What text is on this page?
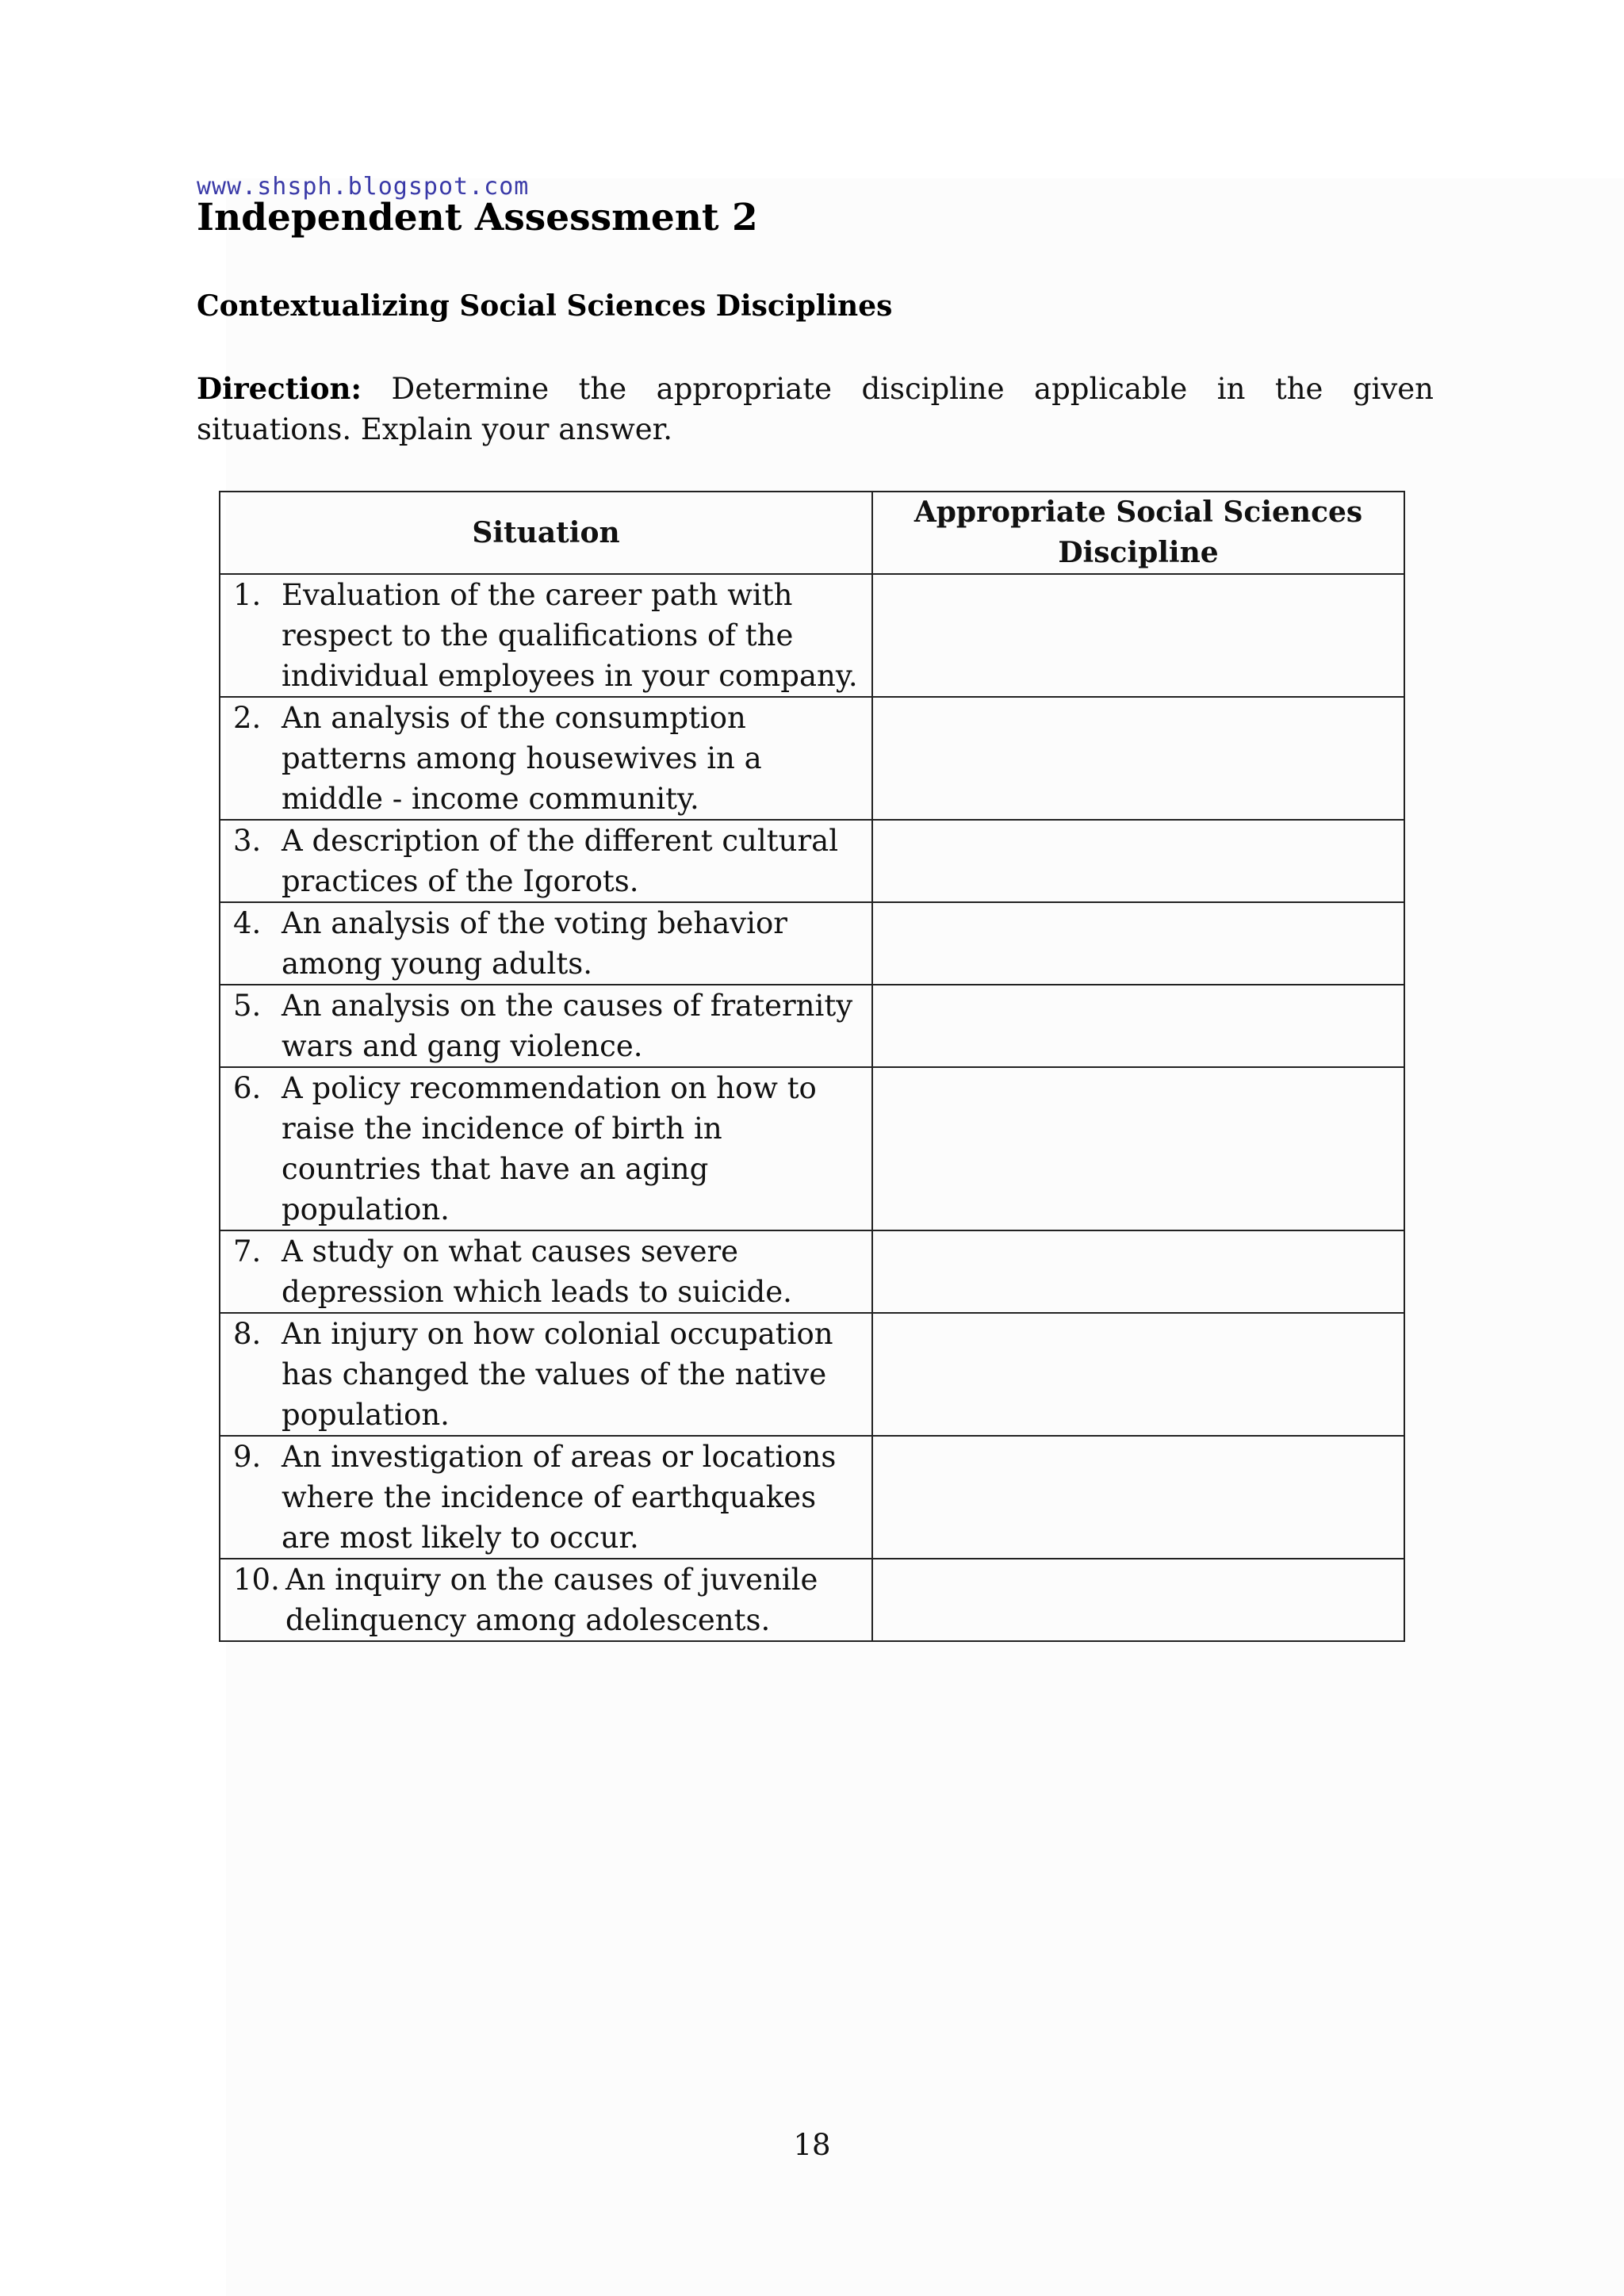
www.shsph.blogspot.com
Independent Assessment 2
Contextualizing Social Sciences Disciplines
Direction: Determine the appropriate discipline applicable in the given situations. Explain your answer.
Situation	Appropriate Social Sciences Discipline

1. Evaluation of the career path with respect to the qualifications of the individual employees in your company.	

2. An analysis of the consumption patterns among housewives in a middle - income community.	

3. A description of the different cultural practices of the Igorots.	

4. An analysis of the voting behavior among young adults.	

5. An analysis on the causes of fraternity wars and gang violence.	

6. A policy recommendation on how to raise the incidence of birth in countries that have an aging population.	

7. A study on what causes severe depression which leads to suicide.	

8. An injury on how colonial occupation has changed the values of the native population.	

9. An investigation of areas or locations where the incidence of earthquakes are most likely to occur.	

10. An inquiry on the causes of juvenile delinquency among adolescents.	

18
